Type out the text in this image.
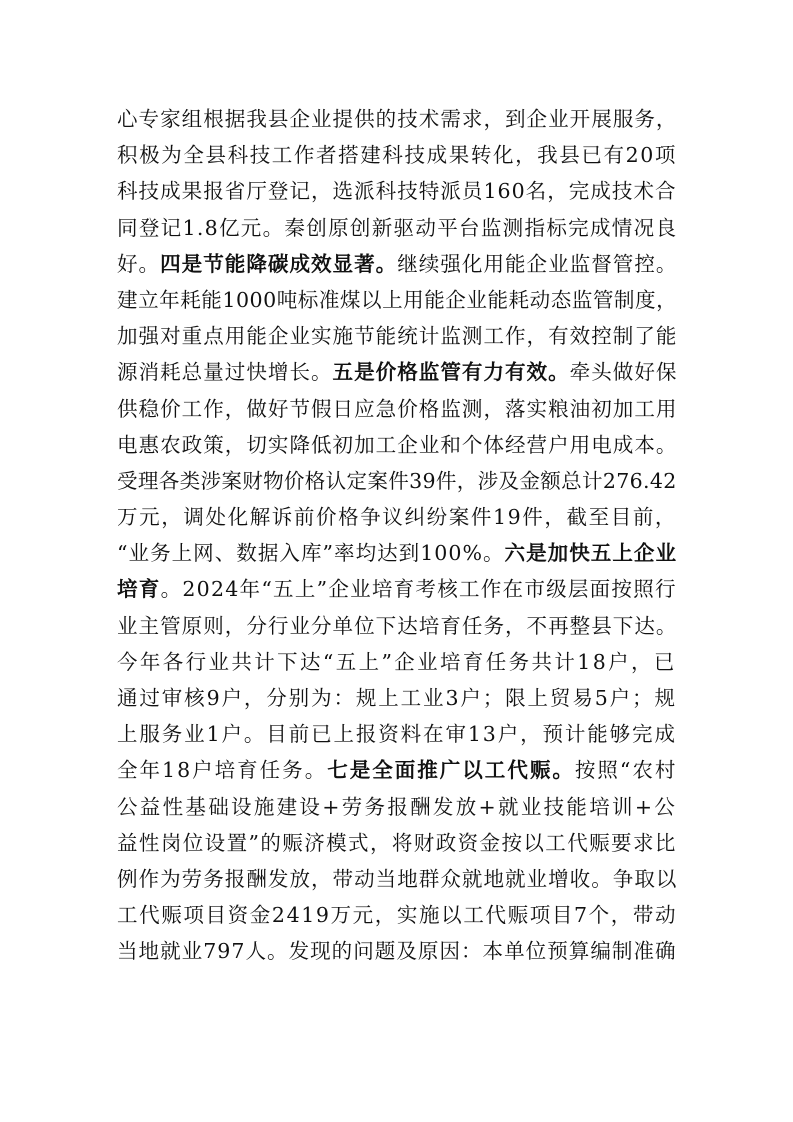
心专家组根据我县企业提供的技术需求，到企业开展服务，
积极为全县科技工作者搭建科技成果转化，我县已有20项
科技成果报省厅登记，选派科技特派员160名，完成技术合
同登记1.8亿元。秦创原创新驱动平台监测指标完成情况良
好。四是节能降碳成效显著。继续强化用能企业监督管控。
建立年耗能1000吨标准煤以上用能企业能耗动态监管制度，
加强对重点用能企业实施节能统计监测工作，有效控制了能
源消耗总量过快增长。五是价格监管有力有效。牵头做好保
供稳价工作，做好节假日应急价格监测，落实粮油初加工用
电惠农政策，切实降低初加工企业和个体经营户用电成本。
受理各类涉案财物价格认定案件39件，涉及金额总计276.42
万元，调处化解诉前价格争议纠纷案件19件，截至目前，
“业务上网、数据入库”率均达到100%。六是加快五上企业
培育。2024年“五上”企业培育考核工作在市级层面按照行
业主管原则，分行业分单位下达培育任务，不再整县下达。
今年各行业共计下达“五上”企业培育任务共计18户，已
通过审核9户，分别为：规上工业3户；限上贸易5户；规
上服务业1户。目前已上报资料在审13户，预计能够完成
全年18户培育任务。七是全面推广以工代赈。按照“农村
公益性基础设施建设+劳务报酬发放+就业技能培训+公
益性岗位设置”的赈济模式，将财政资金按以工代赈要求比
例作为劳务报酬发放，带动当地群众就地就业增收。争取以
工代赈项目资金2419万元，实施以工代赈项目7个，带动
当地就业797人。发现的问题及原因：本单位预算编制准确
